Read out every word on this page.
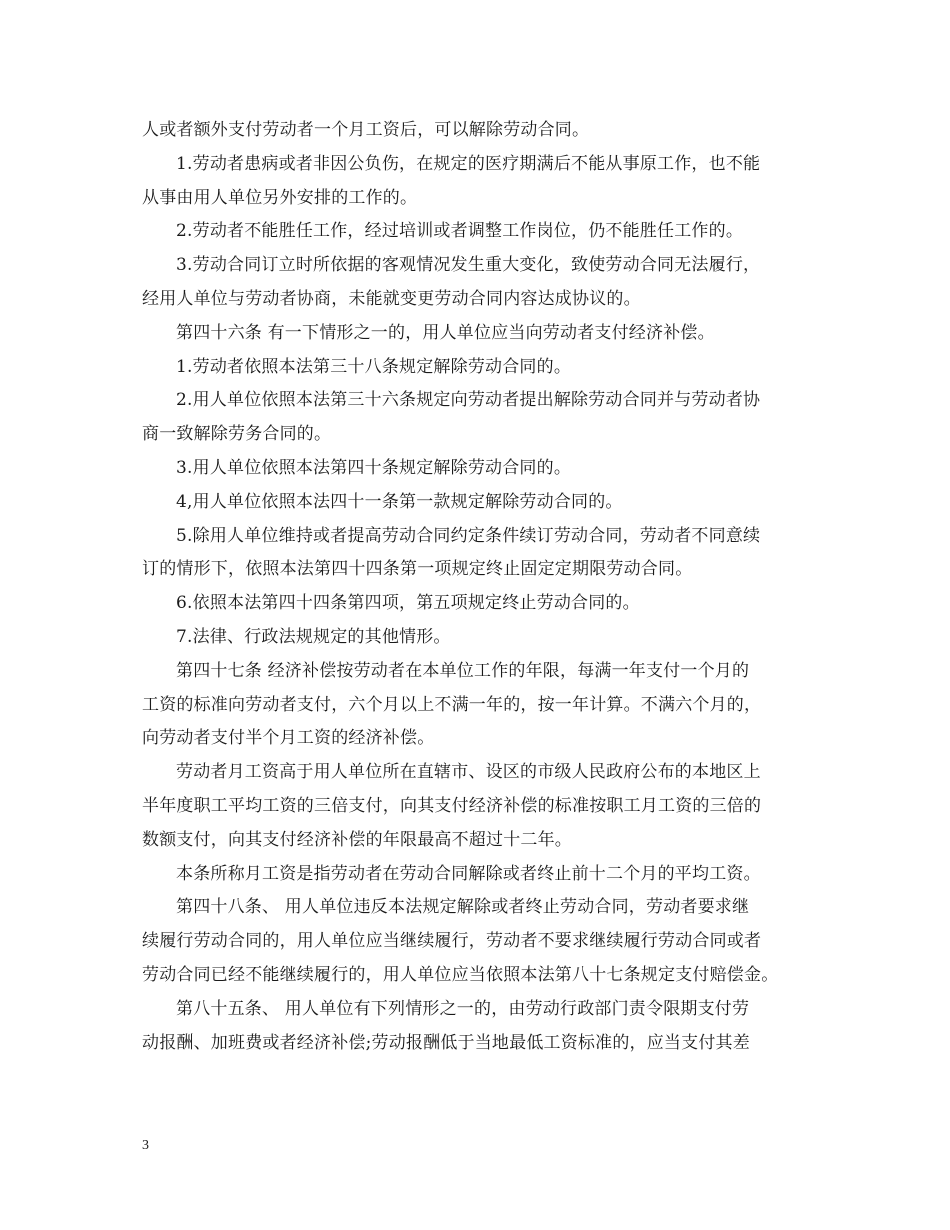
人或者额外支付劳动者一个月工资后，可以解除劳动合同。
1.劳动者患病或者非因公负伤，在规定的医疗期满后不能从事原工作，也不能
从事由用人单位另外安排的工作的。
2.劳动者不能胜任工作，经过培训或者调整工作岗位，仍不能胜任工作的。
3.劳动合同订立时所依据的客观情况发生重大变化，致使劳动合同无法履行，
经用人单位与劳动者协商，未能就变更劳动合同内容达成协议的。
第四十六条 有一下情形之一的，用人单位应当向劳动者支付经济补偿。
1.劳动者依照本法第三十八条规定解除劳动合同的。
2.用人单位依照本法第三十六条规定向劳动者提出解除劳动合同并与劳动者协
商一致解除劳务合同的。
3.用人单位依照本法第四十条规定解除劳动合同的。
4,用人单位依照本法四十一条第一款规定解除劳动合同的。
5.除用人单位维持或者提高劳动合同约定条件续订劳动合同，劳动者不同意续
订的情形下，依照本法第四十四条第一项规定终止固定定期限劳动合同。
6.依照本法第四十四条第四项，第五项规定终止劳动合同的。
7.法律、行政法规规定的其他情形。
第四十七条 经济补偿按劳动者在本单位工作的年限，每满一年支付一个月的
工资的标准向劳动者支付，六个月以上不满一年的，按一年计算。不满六个月的，
向劳动者支付半个月工资的经济补偿。
劳动者月工资高于用人单位所在直辖市、设区的市级人民政府公布的本地区上
半年度职工平均工资的三倍支付，向其支付经济补偿的标准按职工月工资的三倍的
数额支付，向其支付经济补偿的年限最高不超过十二年。
本条所称月工资是指劳动者在劳动合同解除或者终止前十二个月的平均工资。
第四十八条、 用人单位违反本法规定解除或者终止劳动合同，劳动者要求继
续履行劳动合同的，用人单位应当继续履行，劳动者不要求继续履行劳动合同或者
劳动合同已经不能继续履行的，用人单位应当依照本法第八十七条规定支付赔偿金。
第八十五条、 用人单位有下列情形之一的，由劳动行政部门责令限期支付劳
动报酬、加班费或者经济补偿;劳动报酬低于当地最低工资标准的，应当支付其差
3
